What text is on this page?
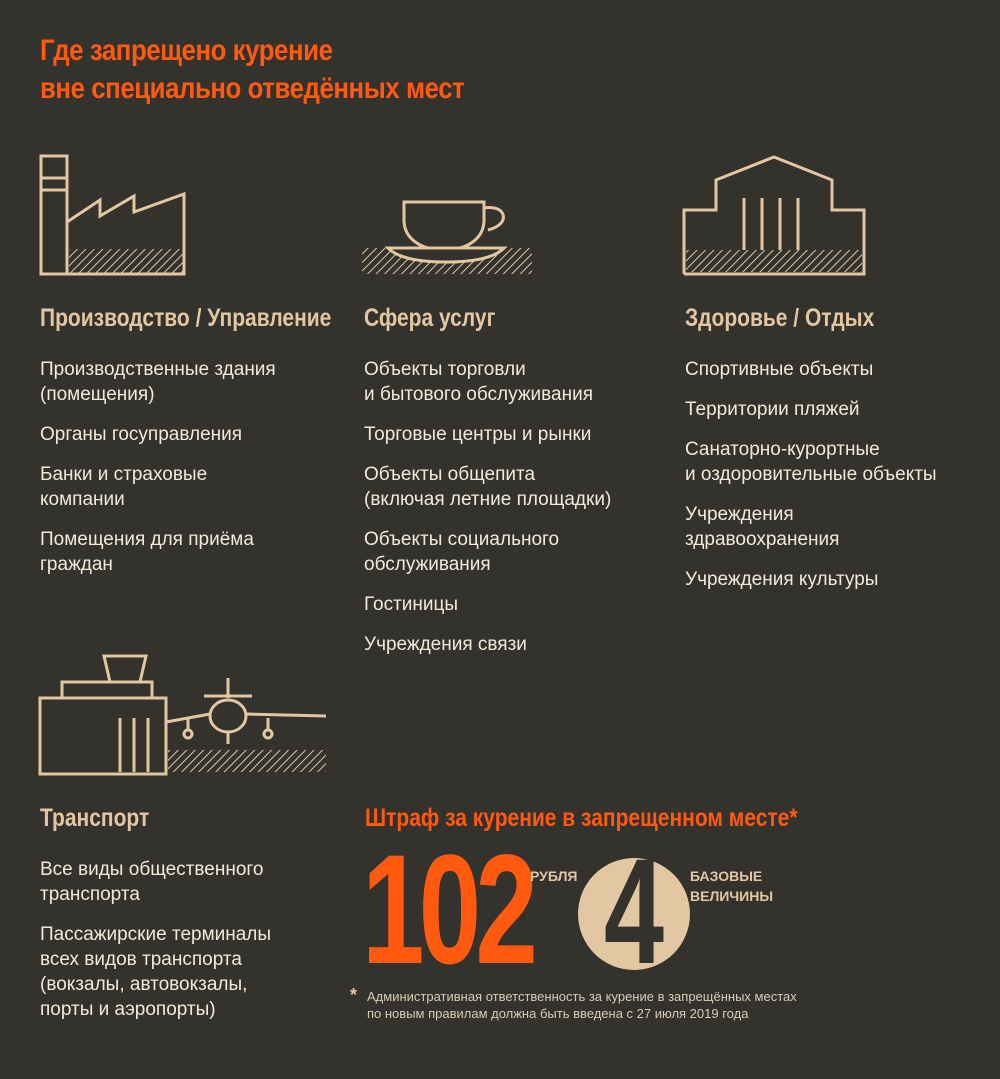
Где запрещено курение
вне специально отведённых мест
Производство / Управление
Производственные здания
(помещения)
Органы госуправления
Банки и страховые
компании
Помещения для приёма
граждан
Сфера услуг
Объекты торговли
и бытового обслуживания
Торговые центры и рынки
Объекты общепита
(включая летние площадки)
Объекты социального
обслуживания
Гостиницы
Учреждения связи
Здоровье / Отдых
Спортивные объекты
Территории пляжей
Санаторно-курортные
и оздоровительные объекты
Учреждения
здравоохранения
Учреждения культуры
Транспорт
Все виды общественного
транспорта
Пассажирские терминалы
всех видов транспорта
(вокзалы, автовокзалы,
порты и аэропорты)
Штраф за курение в запрещенном месте*
102
РУБЛЯ 4 БАЗОВЫЕ
ВЕЛИЧИНЫ
* Административная ответственность за курение в запрещённых местах
по новым правилам должна быть введена с 27 июля 2019 года
